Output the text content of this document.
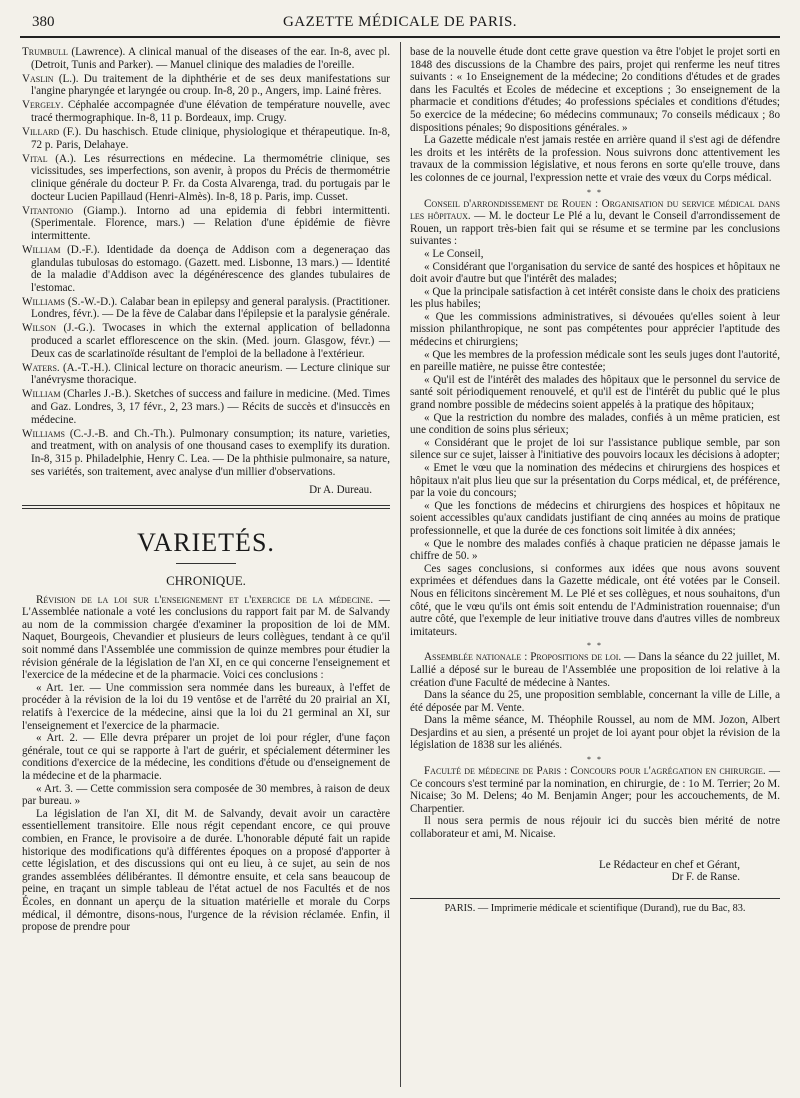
380	GAZETTE MÉDICALE DE PARIS.

Trumbull (Lawrence). A clinical manual of the diseases of the ear. In-8, avec pl. (Detroit, Tunis and Parker). — Manuel clinique des maladies de l'oreille.

Vaslin (L.). Du traitement de la diphthérie et de ses deux manifestations sur l'angine pharyngée et laryngée ou croup. In-8, 20 p., Angers, imp. Lainé frères.

Vergely. Céphalée accompagnée d'une élévation de température nouvelle, avec tracé thermographique. In-8, 11 p. Bordeaux, imp. Crugy.

Villard (F.). Du haschisch. Etude clinique, physiologique et thérapeutique. In-8, 72 p. Paris, Delahaye.

Vital (A.). Les résurrections en médecine. La thermométrie clinique, ses vicissitudes, ses imperfections, son avenir, à propos du Précis de thermométrie clinique générale du docteur P. Fr. da Costa Alvarenga, trad. du portugais par le docteur Lucien Papillaud (Henri-Almès). In-8, 18 p. Paris, imp. Cusset.

Vitantonio (Giamp.). Intorno ad una epidemia di febbri intermittenti. (Sperimentale. Florence, mars.) — Relation d'une épidémie de fièvre intermittente.

William (D.-F.). Identidade da doença de Addison com a degeneraçao das glandulas tubulosas do estomago. (Gazett. med. Lisbonne, 13 mars.) — Identité de la maladie d'Addison avec la dégénérescence des glandes tubulaires de l'estomac.

Williams (S.-W.-D.). Calabar bean in epilepsy and general paralysis. (Practitioner. Londres, févr.). — De la fève de Calabar dans l'épilepsie et la paralysie générale.

Wilson (J.-G.). Twocases in which the external application of belladonna produced a scarlet efflorescence on the skin. (Med. journ. Glasgow, févr.) — Deux cas de scarlatinoïde résultant de l'emploi de la belladone à l'extérieur.

Waters. (A.-T.-H.). Clinical lecture on thoracic aneurism. — Lecture clinique sur l'anévrysme thoracique.

William (Charles J.-B.). Sketches of success and failure in medicine. (Med. Times and Gaz. Londres, 3, 17 févr., 2, 23 mars.) — Récits de succès et d'insuccès en médecine.

Williams (C.-J.-B. and Ch.-Th.). Pulmonary consumption; its nature, varieties, and treatment, with on analysis of one thousand cases to exemplify its duration. In-8, 315 p. Philadelphie, Henry C. Lea. — De la phthisie pulmonaire, sa nature, ses variétés, son traitement, avec analyse d'un millier d'observations.

Dr A. Dureau.
VARIETÉS.
CHRONIQUE.

Révision de la loi sur l'enseignement et l'exercice de la médecine. — L'Assemblée nationale a voté les conclusions du rapport fait par M. de Salvandy au nom de la commission chargée d'examiner la proposition de loi de MM. Naquet, Bourgeois, Chevandier et plusieurs de leurs collègues, tendant à ce qu'il soit nommé dans l'Assemblée une commission de quinze membres pour étudier la révision générale de la législation de l'an XI, en ce qui concerne l'enseignement et l'exercice de la médecine et de la pharmacie. Voici ces conclusions :

« Art. 1er. — Une commission sera nommée dans les bureaux, à l'effet de procéder à la révision de la loi du 19 ventôse et de l'arrêté du 20 prairial an XI, relatifs à l'exercice de la médecine, ainsi que la loi du 21 germinal an XI, sur l'enseignement et l'exercice de la pharmacie.

« Art. 2. — Elle devra préparer un projet de loi pour régler, d'une façon générale, tout ce qui se rapporte à l'art de guérir, et spécialement déterminer les conditions d'exercice de la médecine, les conditions d'étude ou d'enseignement de la médecine et de la pharmacie.

« Art. 3. — Cette commission sera composée de 30 membres, à raison de deux par bureau. »

La législation de l'an XI, dit M. de Salvandy, devait avoir un caractère essentiellement transitoire. Elle nous régit cependant encore, ce qui prouve combien, en France, le provisoire a de durée. L'honorable député fait un rapide historique des modifications qu'à différentes époques on a proposé d'apporter à cette législation, et des discussions qui ont eu lieu, à ce sujet, au sein de nos grandes assemblées délibérantes. Il démontre ensuite, et cela sans beaucoup de peine, en traçant un simple tableau de l'état actuel de nos Facultés et de nos Écoles, en donnant un aperçu de la situation matérielle et morale du Corps médical, il démontre, disons-nous, l'urgence de la révision réclamée. Enfin, il propose de prendre pour

base de la nouvelle étude dont cette grave question va être l'objet le projet sorti en 1848 des discussions de la Chambre des pairs, projet qui renferme les neuf titres suivants : « 1o Enseignement de la médecine; 2o conditions d'études et de grades dans les Facultés et Ecoles de médecine et exceptions ; 3o enseignement de la pharmacie et conditions d'études; 4o professions spéciales et conditions d'études; 5o exercice de la médecine; 6o médecins communaux; 7o conseils médicaux ; 8o dispositions pénales; 9o dispositions générales. »

La Gazette médicale n'est jamais restée en arrière quand il s'est agi de défendre les droits et les intérêts de la profession. Nous suivrons donc attentivement les travaux de la commission législative, et nous ferons en sorte qu'elle trouve, dans les colonnes de ce journal, l'expression nette et vraie des vœux du Corps médical.

* *

Conseil d'arrondissement de Rouen : Organisation du service médical dans les hôpitaux. — M. le docteur Le Plé a lu, devant le Conseil d'arrondissement de Rouen, un rapport très-bien fait qui se résume et se termine par les conclusions suivantes :

« Le Conseil,

« Considérant que l'organisation du service de santé des hospices et hôpitaux ne doit avoir d'autre but que l'intérêt des malades;

« Que la principale satisfaction à cet intérêt consiste dans le choix des praticiens les plus habiles;

« Que les commissions administratives, si dévouées qu'elles soient à leur mission philanthropique, ne sont pas compétentes pour apprécier l'aptitude des médecins et chirurgiens;

« Que les membres de la profession médicale sont les seuls juges dont l'autorité, en pareille matière, ne puisse être contestée;

« Qu'il est de l'intérêt des malades des hôpitaux que le personnel du service de santé soit périodiquement renouvelé, et qu'il est de l'intérêt du public qué le plus grand nombre possible de médecins soient appelés à la pratique des hôpitaux;

« Que la restriction du nombre des malades, confiés à un même praticien, est une condition de soins plus sérieux;

« Considérant que le projet de loi sur l'assistance publique semble, par son silence sur ce sujet, laisser à l'initiative des pouvoirs locaux les décisions à adopter;

« Emet le vœu que la nomination des médecins et chirurgiens des hospices et hôpitaux n'ait plus lieu que sur la présentation du Corps médical, et, de préférence, par la voie du concours;

« Que les fonctions de médecins et chirurgiens des hospices et hôpitaux ne soient accessibles qu'aux candidats justifiant de cinq années au moins de pratique professionnelle, et que la durée de ces fonctions soit limitée à dix années;

« Que le nombre des malades confiés à chaque praticien ne dépasse jamais le chiffre de 50. »

Ces sages conclusions, si conformes aux idées que nous avons souvent exprimées et défendues dans la Gazette médicale, ont été votées par le Conseil. Nous en félicitons sincèrement M. Le Plé et ses collègues, et nous souhaitons, d'un côté, que le vœu qu'ils ont émis soit entendu de l'Administration rouennaise; d'un autre côté, que l'exemple de leur initiative trouve dans d'autres villes de nombreux imitateurs.

* *

Assemblée nationale : Propositions de loi. — Dans la séance du 22 juillet, M. Lallié a déposé sur le bureau de l'Assemblée une proposition de loi relative à la création d'une Faculté de médecine à Nantes.

Dans la séance du 25, une proposition semblable, concernant la ville de Lille, a été déposée par M. Vente.

Dans la même séance, M. Théophile Roussel, au nom de MM. Jozon, Albert Desjardins et au sien, a présenté un projet de loi ayant pour objet la révision de la législation de 1838 sur les aliénés.

* *

Faculté de médecine de Paris : Concours pour l'agrégation en chirurgie. — Ce concours s'est terminé par la nomination, en chirurgie, de : 1o M. Terrier; 2o M. Nicaise; 3o M. Delens; 4o M. Benjamin Anger; pour les accouchements, de M. Charpentier.

Il nous sera permis de nous réjouir ici du succès bien mérité de notre collaborateur et ami, M. Nicaise.

Le Rédacteur en chef et Gérant,
Dr F. de Ranse.
PARIS. — Imprimerie médicale et scientifique (Durand), rue du Bac, 83.
